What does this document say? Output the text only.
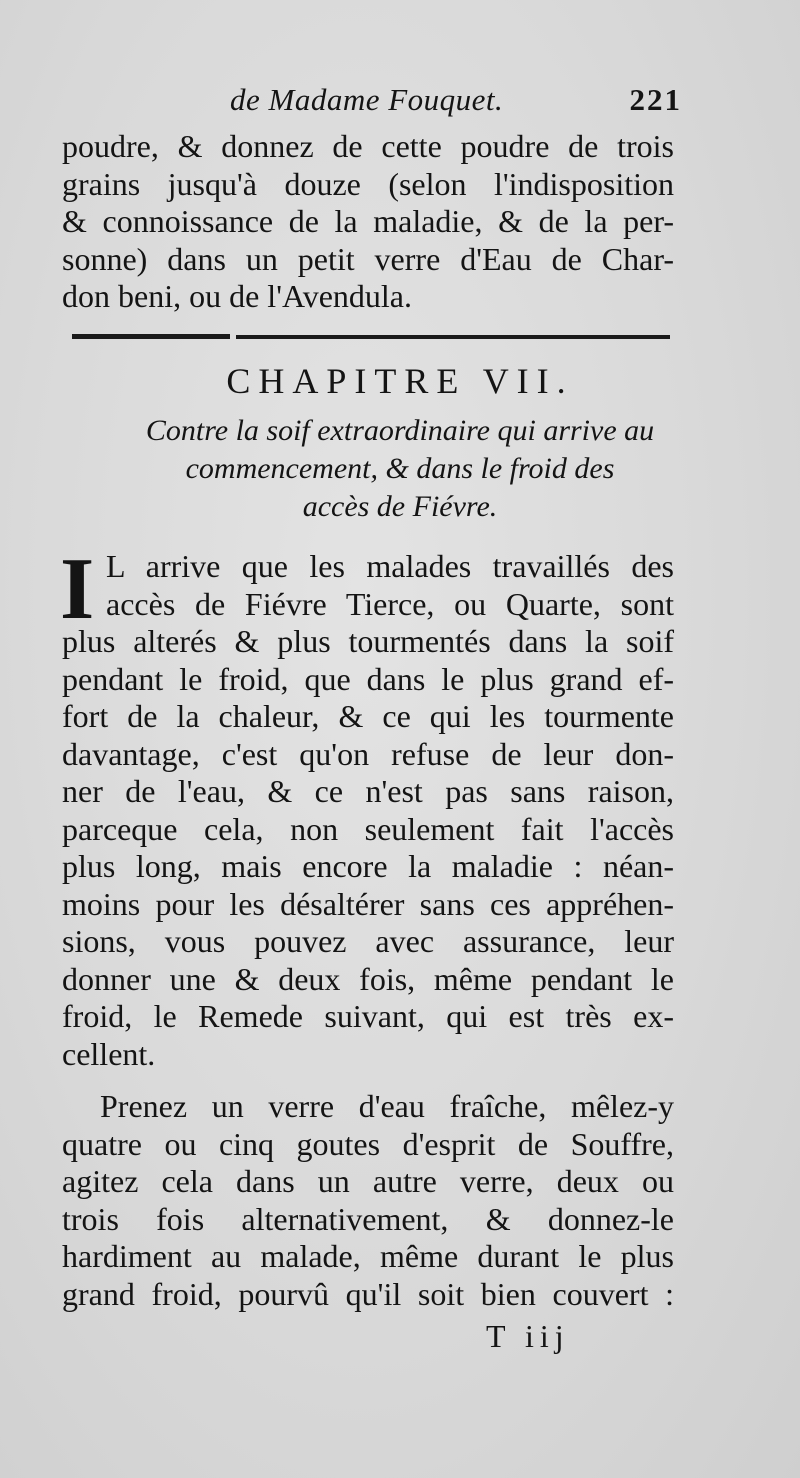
de Madame Fouquet.	221
poudre, & donnez de cette poudre de trois
grains jusqu'à douze (selon l'indisposition
& connoissance de la maladie, & de la per-
sonne) dans un petit verre d'Eau de Char-
don beni, ou de l'Avendula.
CHAPITRE VII.
Contre la soif extraordinaire qui arrive au
commencement, & dans le froid des
accès de Fiévre.
I L arrive que les malades travaillés des
accès de Fiévre Tierce, ou Quarte, sont
plus alterés & plus tourmentés dans la soif
pendant le froid, que dans le plus grand ef-
fort de la chaleur, & ce qui les tourmente
davantage, c'est qu'on refuse de leur don-
ner de l'eau, & ce n'est pas sans raison,
parceque cela, non seulement fait l'accès
plus long, mais encore la maladie : néan-
moins pour les désaltérer sans ces appréhen-
sions, vous pouvez avec assurance, leur
donner une & deux fois, même pendant le
froid, le Remede suivant, qui est très ex-
cellent.
Prenez un verre d'eau fraîche, mêlez-y
quatre ou cinq goutes d'esprit de Souffre,
agitez cela dans un autre verre, deux ou
trois fois alternativement, & donnez-le
hardiment au malade, même durant le plus
grand froid, pourvû qu'il soit bien couvert :
T iij
